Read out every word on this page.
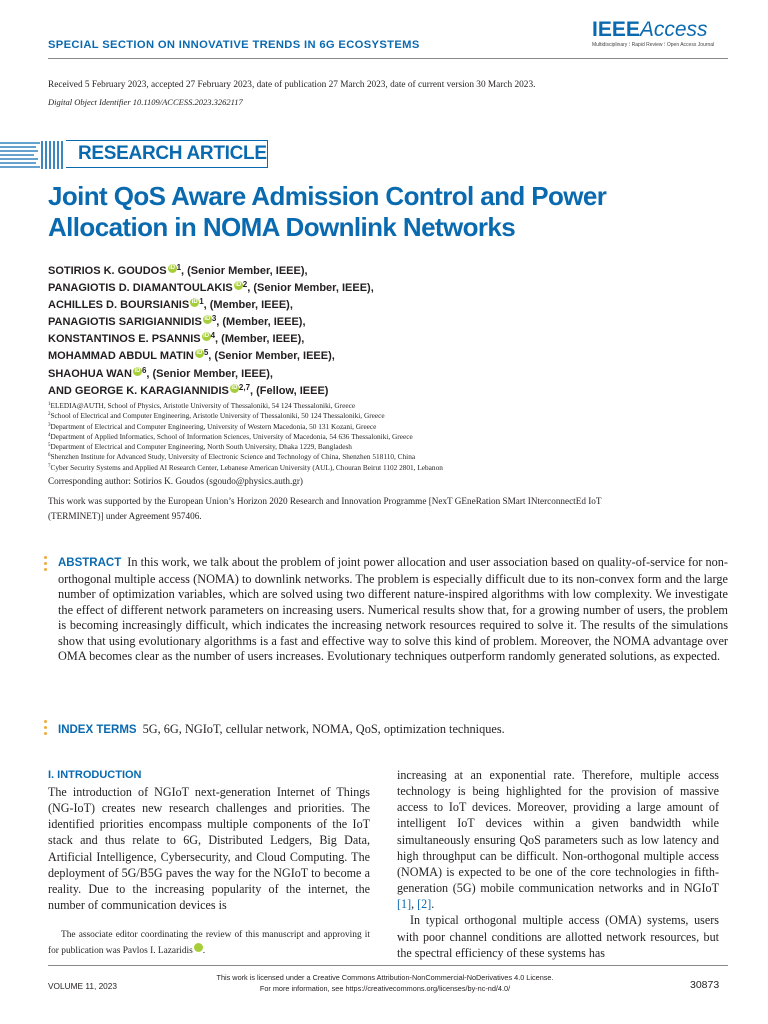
SPECIAL SECTION ON INNOVATIVE TRENDS IN 6G ECOSYSTEMS
IEEEAccess
Multidisciplinary ⁝ Rapid Review ⁝ Open Access Journal
Received 5 February 2023, accepted 27 February 2023, date of publication 27 March 2023, date of current version 30 March 2023.
Digital Object Identifier 10.1109/ACCESS.2023.3262117
RESEARCH ARTICLE
Joint QoS Aware Admission Control and Power Allocation in NOMA Downlink Networks
SOTIRIOS K. GOUDOS iD $^1$, (Senior Member, IEEE),
PANAGIOTIS D. DIAMANTOULAKIS iD $^2$, (Senior Member, IEEE),
ACHILLES D. BOURSIANIS iD $^1$, (Member, IEEE),
PANAGIOTIS SARIGIANNIDIS iD $^3$, (Member, IEEE),
KONSTANTINOS E. PSANNIS iD $^4$, (Member, IEEE),
MOHAMMAD ABDUL MATIN iD $^5$, (Senior Member, IEEE),
SHAOHUA WAN iD $^6$, (Senior Member, IEEE),
AND GEORGE K. KARAGIANNIDIS iD $^{2,7}$, (Fellow, IEEE)
$^1$ELEDIA@AUTH, School of Physics, Aristotle University of Thessaloniki, 54 124 Thessaloniki, Greece
$^2$School of Electrical and Computer Engineering, Aristotle University of Thessaloniki, 50 124 Thessaloniki, Greece
$^3$Department of Electrical and Computer Engineering, University of Western Macedonia, 50 131 Kozani, Greece
$^4$Department of Applied Informatics, School of Information Sciences, University of Macedonia, 54 636 Thessaloniki, Greece
$^5$Department of Electrical and Computer Engineering, North South University, Dhaka 1229, Bangladesh
$^6$Shenzhen Institute for Advanced Study, University of Electronic Science and Technology of China, Shenzhen 518110, China
$^7$Cyber Security Systems and Applied AI Research Center, Lebanese American University (AUL), Chouran Beirut 1102 2801, Lebanon
Corresponding author: Sotirios K. Goudos (sgoudo@physics.auth.gr)
This work was supported by the European Union’s Horizon 2020 Research and Innovation Programme [NexT GEneRation SMart INterconnectEd IoT (TERMINET)] under Agreement 957406.
ABSTRACT In this work, we talk about the problem of joint power allocation and user association based on quality-of-service for non-orthogonal multiple access (NOMA) to downlink networks. The problem is especially difficult due to its non-convex form and the large number of optimization variables, which are solved using two different nature-inspired algorithms with low complexity. We investigate the effect of different network parameters on increasing users. Numerical results show that, for a growing number of users, the problem is becoming increasingly difficult, which indicates the increasing network resources required to solve it. The results of the simulations show that using evolutionary algorithms is a fast and effective way to solve this kind of problem. Moreover, the NOMA advantage over OMA becomes clear as the number of users increases. Evolutionary techniques outperform randomly generated solutions, as expected.
INDEX TERMS 5G, 6G, NGIoT, cellular network, NOMA, QoS, optimization techniques.
I. INTRODUCTION
The introduction of NGIoT next-generation Internet of Things (NG-IoT) creates new research challenges and priorities. The identified priorities encompass multiple components of the IoT stack and thus relate to 6G, Distributed Ledgers, Big Data, Artificial Intelligence, Cybersecurity, and Cloud Computing. The deployment of 5G/B5G paves the way for the NGIoT to become a reality. Due to the increasing popularity of the internet, the number of communication devices is

increasing at an exponential rate. Therefore, multiple access technology is being highlighted for the provision of massive access to IoT devices. Moreover, providing a large amount of intelligent IoT devices within a given bandwidth while simultaneously ensuring QoS parameters such as low latency and high throughput can be difficult. Non-orthogonal multiple access (NOMA) is expected to be one of the core technologies in fifth-generation (5G) mobile communication networks and in NGIoT [1], [2].

In typical orthogonal multiple access (OMA) systems, users with poor channel conditions are allotted network resources, but the spectral efficiency of these systems has

The associate editor coordinating the review of this manuscript and approving it for publication was Pavlos I. Lazaridis iD.
VOLUME 11, 2023
This work is licensed under a Creative Commons Attribution-NonCommercial-NoDerivatives 4.0 License.
For more information, see https://creativecommons.org/licenses/by-nc-nd/4.0/	30873
